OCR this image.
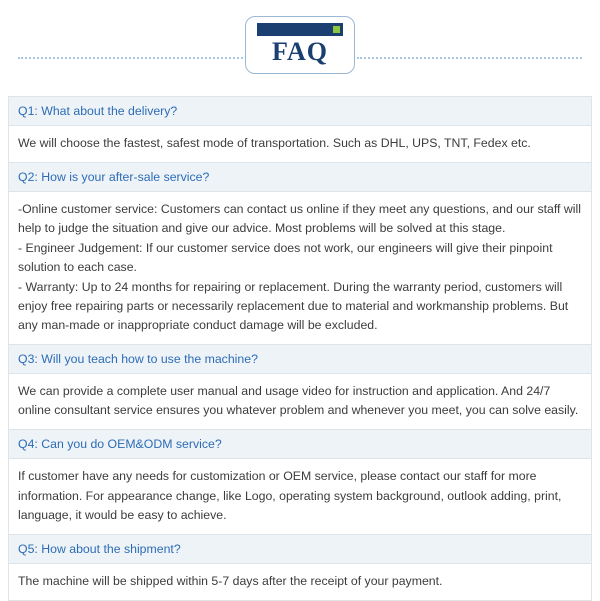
FAQ
Q1: What about the delivery?

We will choose the fastest, safest mode of transportation. Such as DHL, UPS, TNT, Fedex etc.

Q2: How is your after-sale service?

-Online customer service: Customers can contact us online if they meet any questions, and our staff will help to judge the situation and give our advice. Most problems will be solved at this stage.

- Engineer Judgement: If our customer service does not work, our engineers will give their pinpoint solution to each case.

- Warranty: Up to 24 months for repairing or replacement. During the warranty period, customers will enjoy free repairing parts or necessarily replacement due to material and workmanship problems. But any man-made or inappropriate conduct damage will be excluded.

Q3: Will you teach how to use the machine?

We can provide a complete user manual and usage video for instruction and application. And 24/7 online consultant service ensures you whatever problem and whenever you meet, you can solve easily.

Q4: Can you do OEM&ODM service?

If customer have any needs for customization or OEM service, please contact our staff for more information. For appearance change, like Logo, operating system background, outlook adding, print, language, it would be easy to achieve.

Q5: How about the shipment?

The machine will be shipped within 5-7 days after the receipt of your payment.
